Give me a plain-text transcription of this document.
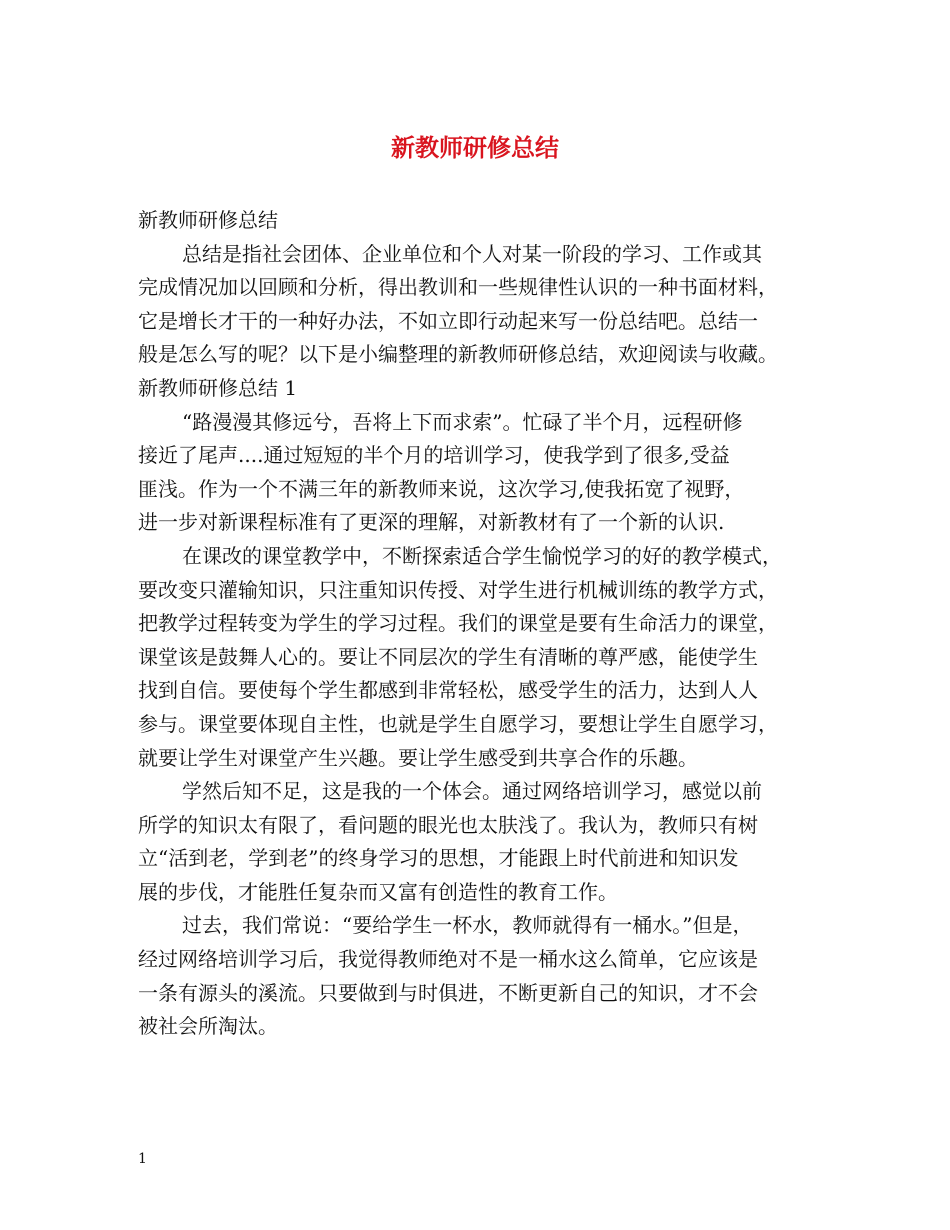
新教师研修总结
新教师研修总结
总结是指社会团体、企业单位和个人对某一阶段的学习、工作或其
完成情况加以回顾和分析，得出教训和一些规律性认识的一种书面材料，
它是增长才干的一种好办法，不如立即行动起来写一份总结吧。总结一
般是怎么写的呢？以下是小编整理的新教师研修总结，欢迎阅读与收藏。
新教师研修总结 1
“路漫漫其修远兮，吾将上下而求索”。忙碌了半个月，远程研修
接近了尾声....通过短短的半个月的培训学习，使我学到了很多,受益
匪浅。作为一个不满三年的新教师来说，这次学习,使我拓宽了视野，
进一步对新课程标准有了更深的理解，对新教材有了一个新的认识.
在课改的课堂教学中，不断探索适合学生愉悦学习的好的教学模式，
要改变只灌输知识，只注重知识传授、对学生进行机械训练的教学方式，
把教学过程转变为学生的学习过程。我们的课堂是要有生命活力的课堂，
课堂该是鼓舞人心的。要让不同层次的学生有清晰的尊严感，能使学生
找到自信。要使每个学生都感到非常轻松，感受学生的活力，达到人人
参与。课堂要体现自主性，也就是学生自愿学习，要想让学生自愿学习，
就要让学生对课堂产生兴趣。要让学生感受到共享合作的乐趣。
学然后知不足，这是我的一个体会。通过网络培训学习，感觉以前
所学的知识太有限了，看问题的眼光也太肤浅了。我认为，教师只有树
立“活到老，学到老”的终身学习的思想，才能跟上时代前进和知识发
展的步伐，才能胜任复杂而又富有创造性的教育工作。
过去，我们常说：“要给学生一杯水，教师就得有一桶水。”但是，
经过网络培训学习后，我觉得教师绝对不是一桶水这么简单，它应该是
一条有源头的溪流。只要做到与时俱进，不断更新自己的知识，才不会
被社会所淘汰。
1
